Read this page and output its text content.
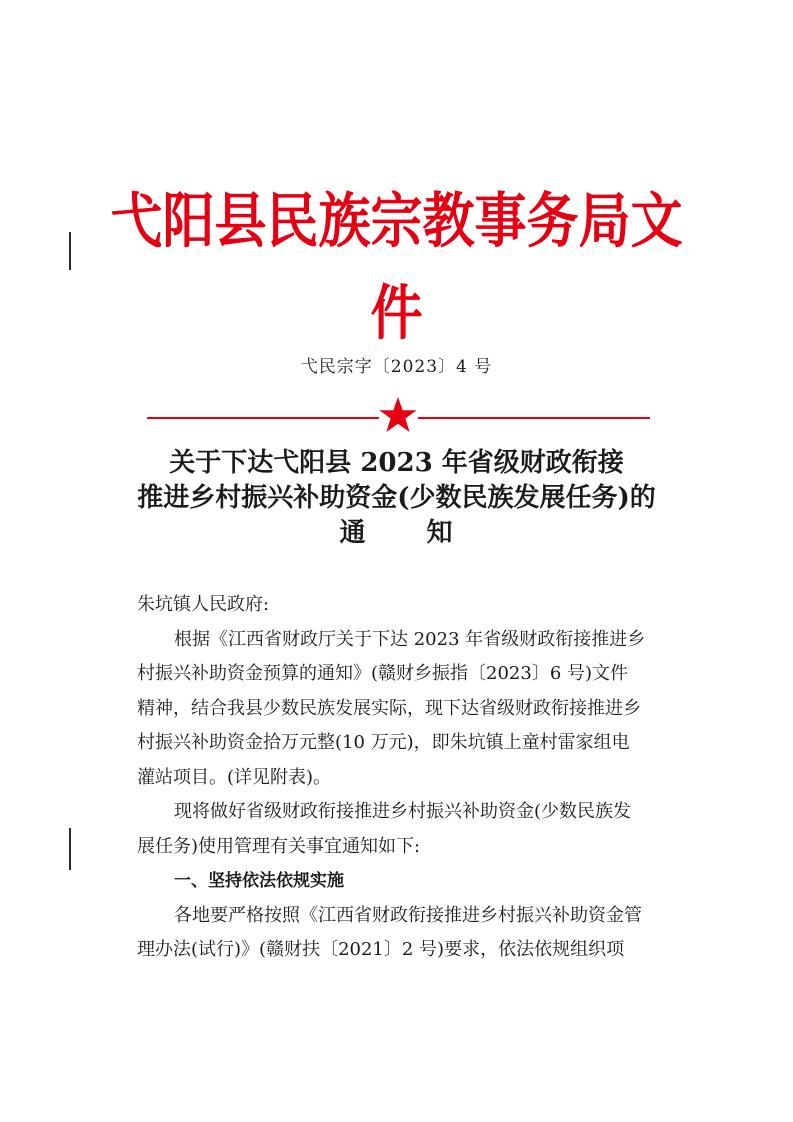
弋阳县民族宗教事务局文件
弋民宗字〔2023〕4 号
关于下达弋阳县 2023 年省级财政衔接
推进乡村振兴补助资金(少数民族发展任务)的
通 知
朱坑镇人民政府:
根据《江西省财政厅关于下达 2023 年省级财政衔接推进乡
村振兴补助资金预算的通知》(赣财乡振指〔2023〕6 号)文件
精神，结合我县少数民族发展实际，现下达省级财政衔接推进乡
村振兴补助资金拾万元整(10 万元)，即朱坑镇上童村雷家组电
灌站项目。(详见附表)。
现将做好省级财政衔接推进乡村振兴补助资金(少数民族发
展任务)使用管理有关事宜通知如下:
一、坚持依法依规实施
各地要严格按照《江西省财政衔接推进乡村振兴补助资金管
理办法(试行)》(赣财扶〔2021〕2 号)要求，依法依规组织项
